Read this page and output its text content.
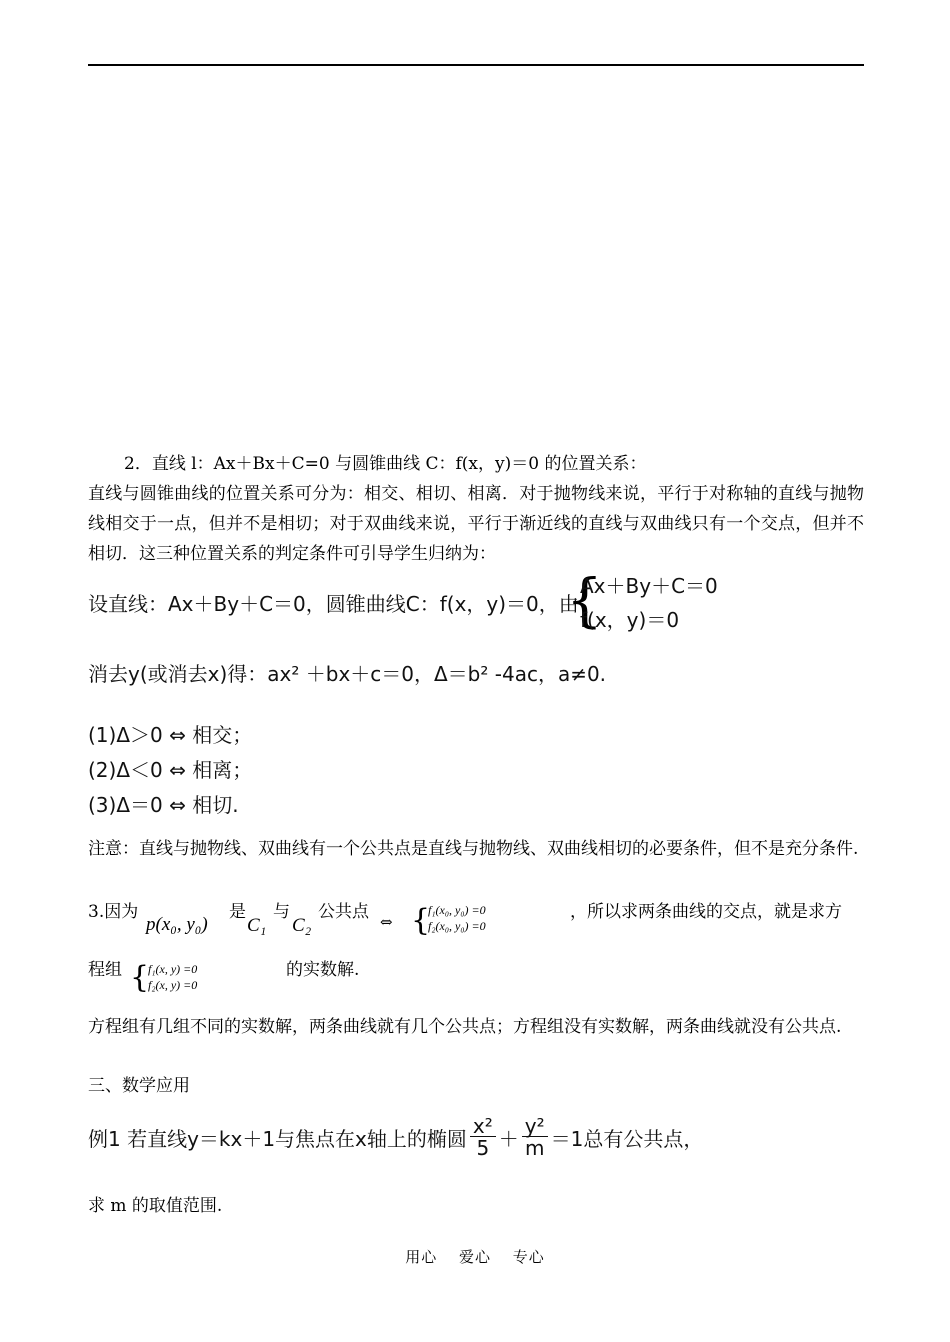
2．直线 l：Ax＋Bx＋C=0 与圆锥曲线 C：f(x，y)＝0 的位置关系：
直线与圆锥曲线的位置关系可分为：相交、相切、相离．对于抛物线来说，平行于对称轴的直线与抛物线相交于一点，但并不是相切；对于双曲线来说，平行于渐近线的直线与双曲线只有一个交点，但并不相切．这三种位置关系的判定条件可引导学生归纳为：
设直线：Ax＋By＋C＝0，圆锥曲线C：f(x，y)＝0，由
{
Ax＋By＋C＝0
f(x，y)＝0
消去y(或消去x)得：ax² ＋bx＋c＝0，Δ＝b² -4ac，a≠0.
(1)Δ＞0 ⇔ 相交；
(2)Δ＜0 ⇔ 相离；
(3)Δ＝0 ⇔ 相切.
注意：直线与抛物线、双曲线有一个公共点是直线与抛物线、双曲线相切的必要条件，但不是充分条件.
3.因为
p(x₀, y₀)
是
C₁
与
C₂
公共点 ⇔ {
f₁(x₀, y₀) =0
f₂(x₀, y₀) =0
，所以求两条曲线的交点，就是求方
程组 {
f₁(x, y) =0
f₂(x, y) =0
的实数解.
方程组有几组不同的实数解，两条曲线就有几个公共点；方程组没有实数解，两条曲线就没有公共点.
三、数学应用
例1 若直线y＝kx＋1与焦点在x轴上的椭圆 $\frac{\text{x²}}{5} + \frac{\text{y²}}{m} =1$总有公共点，
求 m 的取值范围.
用心 爱心 专心
